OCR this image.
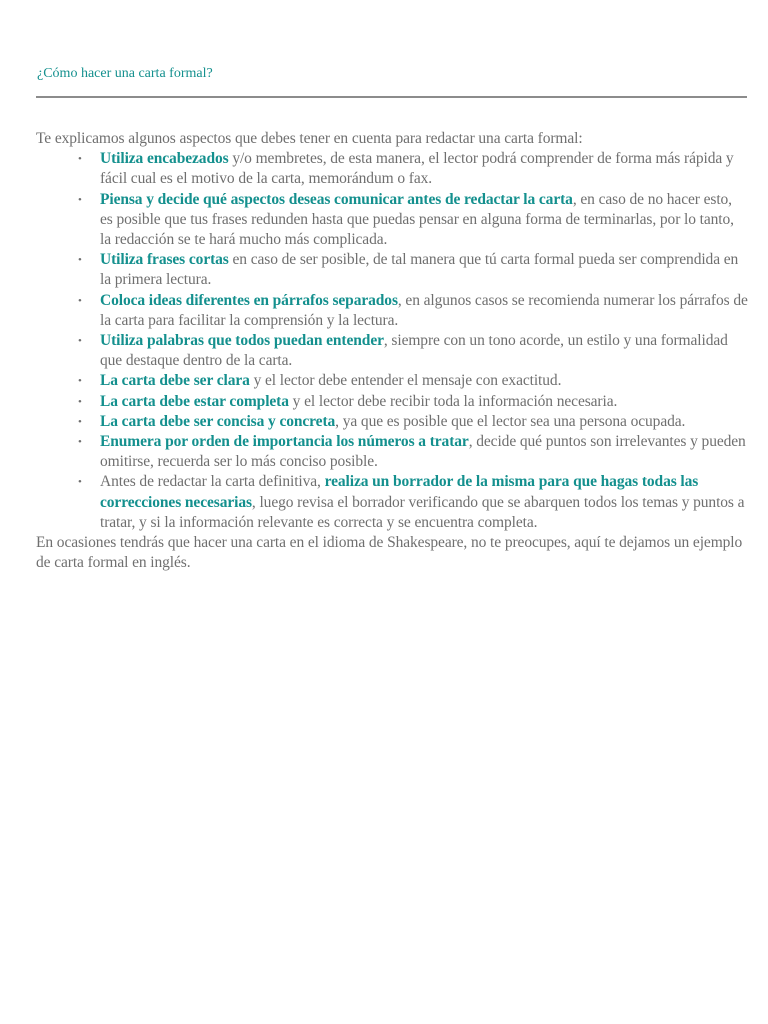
¿Cómo hacer una carta formal?

Te explicamos algunos aspectos que debes tener en cuenta para redactar una carta formal:

• Utiliza encabezados y/o membretes, de esta manera, el lector podrá comprender de forma más rápida y fácil cual es el motivo de la carta, memorándum o fax.
• Piensa y decide qué aspectos deseas comunicar antes de redactar la carta, en caso de no hacer esto, es posible que tus frases redunden hasta que puedas pensar en alguna forma de terminarlas, por lo tanto, la redacción se te hará mucho más complicada.
• Utiliza frases cortas en caso de ser posible, de tal manera que tú carta formal pueda ser comprendida en la primera lectura.
• Coloca ideas diferentes en párrafos separados, en algunos casos se recomienda numerar los párrafos de la carta para facilitar la comprensión y la lectura.
• Utiliza palabras que todos puedan entender, siempre con un tono acorde, un estilo y una formalidad que destaque dentro de la carta.
• La carta debe ser clara y el lector debe entender el mensaje con exactitud.
• La carta debe estar completa y el lector debe recibir toda la información necesaria.
• La carta debe ser concisa y concreta, ya que es posible que el lector sea una persona ocupada.
• Enumera por orden de importancia los números a tratar, decide qué puntos son irrelevantes y pueden omitirse, recuerda ser lo más conciso posible.
• Antes de redactar la carta definitiva, realiza un borrador de la misma para que hagas todas las correcciones necesarias, luego revisa el borrador verificando que se abarquen todos los temas y puntos a tratar, y si la información relevante es correcta y se encuentra completa.

En ocasiones tendrás que hacer una carta en el idioma de Shakespeare, no te preocupes, aquí te dejamos un ejemplo de carta formal en inglés.
